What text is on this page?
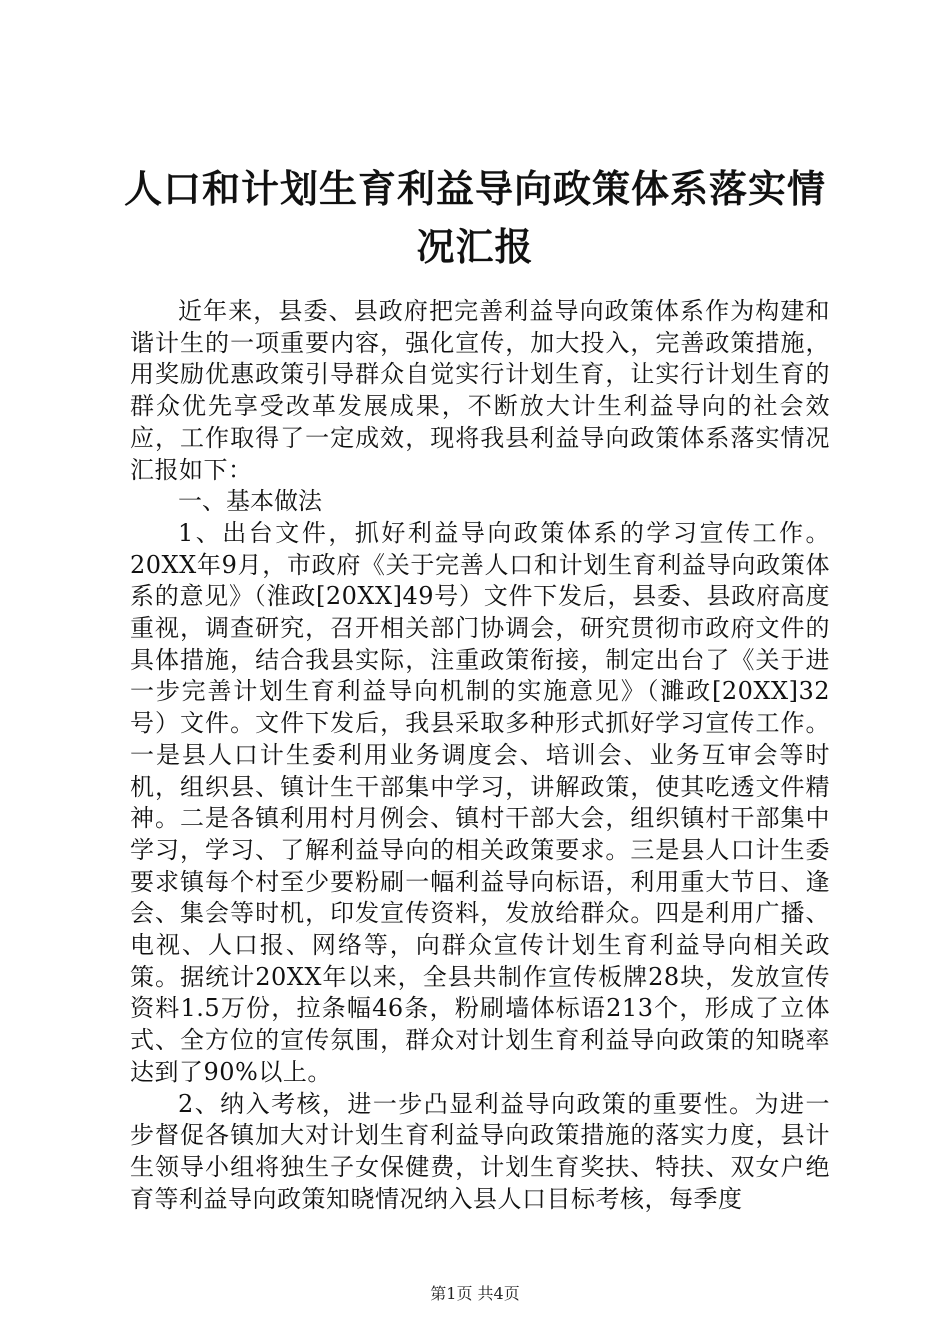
人口和计划生育利益导向政策体系落实情况汇报

近年来，县委、县政府把完善利益导向政策体系作为构建和谐计生的一项重要内容，强化宣传，加大投入，完善政策措施，用奖励优惠政策引导群众自觉实行计划生育，让实行计划生育的群众优先享受改革发展成果，不断放大计生利益导向的社会效应，工作取得了一定成效，现将我县利益导向政策体系落实情况汇报如下：

一、基本做法

1、出台文件，抓好利益导向政策体系的学习宣传工作。20XX年9月，市政府《关于完善人口和计划生育利益导向政策体系的意见》（淮政[20XX]49号）文件下发后，县委、县政府高度重视，调查研究，召开相关部门协调会，研究贯彻市政府文件的具体措施，结合我县实际，注重政策衔接，制定出台了《关于进一步完善计划生育利益导向机制的实施意见》（濉政[20XX]32号）文件。文件下发后，我县采取多种形式抓好学习宣传工作。一是县人口计生委利用业务调度会、培训会、业务互审会等时机，组织县、镇计生干部集中学习，讲解政策，使其吃透文件精神。二是各镇利用村月例会、镇村干部大会，组织镇村干部集中学习，学习、了解利益导向的相关政策要求。三是县人口计生委要求镇每个村至少要粉刷一幅利益导向标语，利用重大节日、逢会、集会等时机，印发宣传资料，发放给群众。四是利用广播、电视、人口报、网络等，向群众宣传计划生育利益导向相关政策。据统计20XX年以来，全县共制作宣传板牌28块，发放宣传资料1.5万份，拉条幅46条，粉刷墙体标语213个，形成了立体式、全方位的宣传氛围，群众对计划生育利益导向政策的知晓率达到了90%以上。

2、纳入考核，进一步凸显利益导向政策的重要性。为进一步督促各镇加大对计划生育利益导向政策措施的落实力度，县计生领导小组将独生子女保健费，计划生育奖扶、特扶、双女户绝育等利益导向政策知晓情况纳入县人口目标考核，每季度

第1页 共4页
